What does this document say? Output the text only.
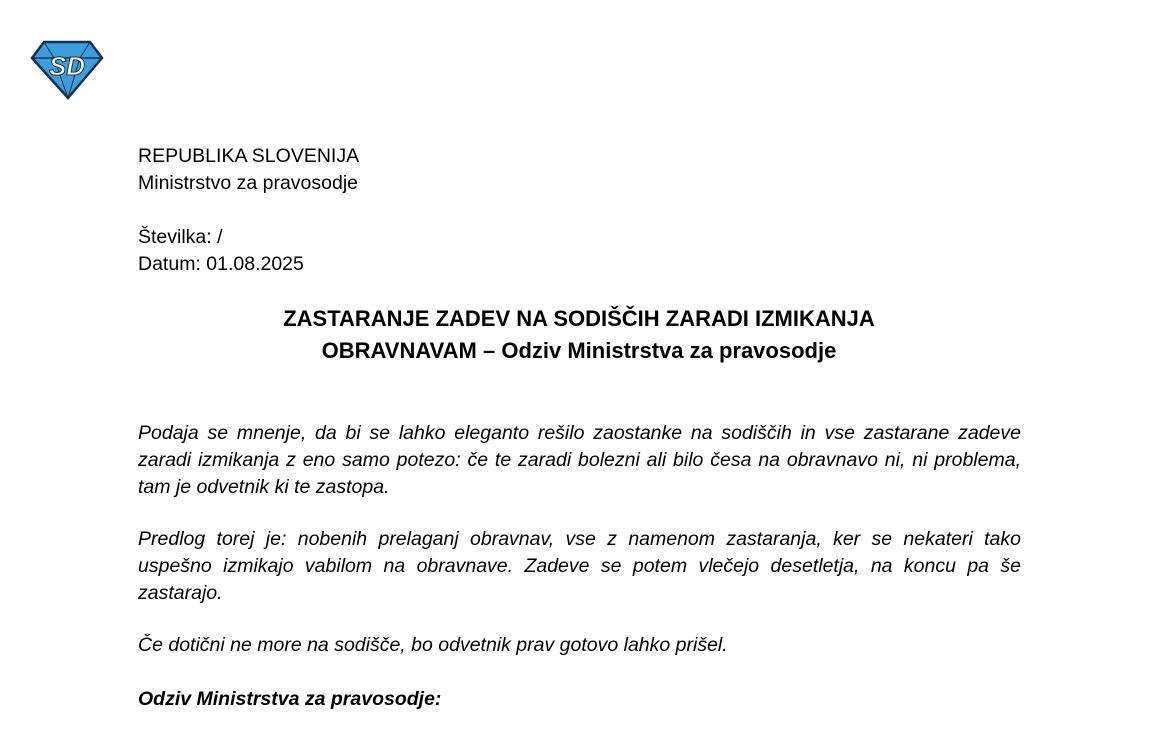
SD
REPUBLIKA SLOVENIJA
Ministrstvo za pravosodje
Številka: /
Datum: 01.08.2025
ZASTARANJE ZADEV NA SODIŠČIH ZARADI IZMIKANJA
OBRAVNAVAM – Odziv Ministrstva za pravosodje

Podaja se mnenje, da bi se lahko eleganto rešilo zaostanke na sodiščih in vse zastarane zadeve zaradi izmikanja z eno samo potezo: če te zaradi bolezni ali bilo česa na obravnavo ni, ni problema, tam je odvetnik ki te zastopa.

Predlog torej je: nobenih prelaganj obravnav, vse z namenom zastaranja, ker se nekateri tako uspešno izmikajo vabilom na obravnave. Zadeve se potem vlečejo desetletja, na koncu pa še zastarajo.

Če dotični ne more na sodišče, bo odvetnik prav gotovo lahko prišel.

Odziv Ministrstva za pravosodje:
